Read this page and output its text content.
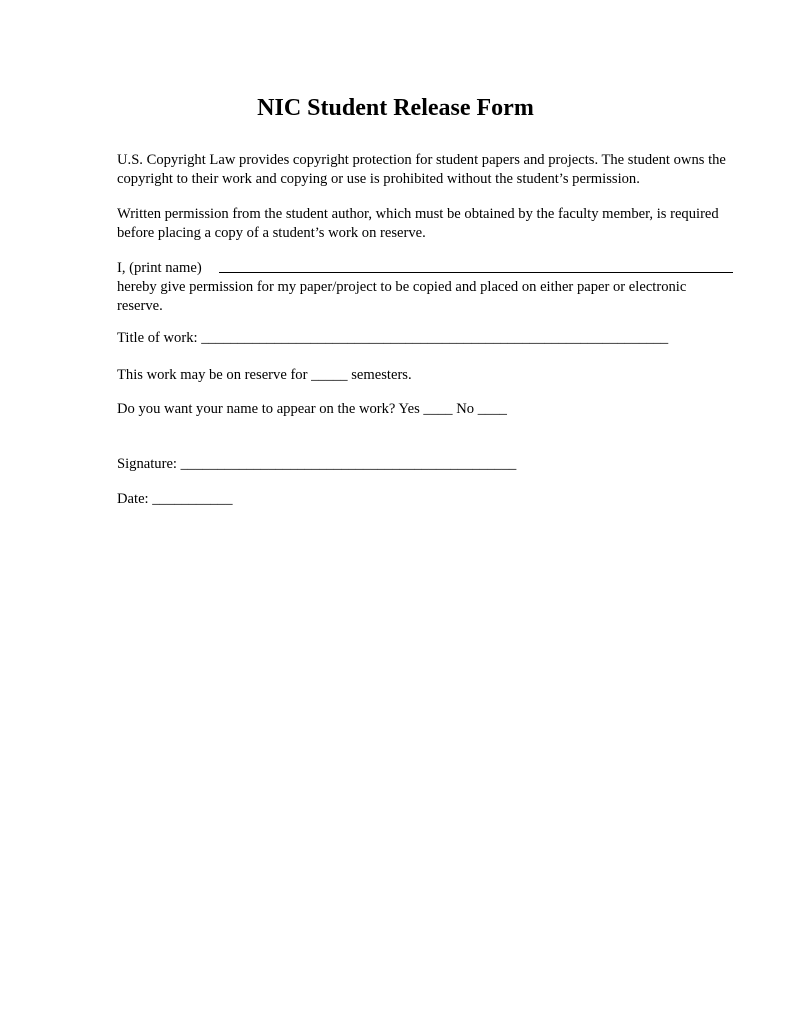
NIC Student Release Form

U.S. Copyright Law provides copyright protection for student papers and projects. The student owns the
copyright to their work and copying or use is prohibited without the student’s permission.

Written permission from the student author, which must be obtained by the faculty member, is required
before placing a copy of a student’s work on reserve.

I, (print name)
hereby give permission for my paper/project to be copied and placed on either paper or electronic
reserve.

Title of work: ________________________________________________________________

This work may be on reserve for _____ semesters.

Do you want your name to appear on the work? Yes ____ No ____

Signature: ______________________________________________

Date: ___________
